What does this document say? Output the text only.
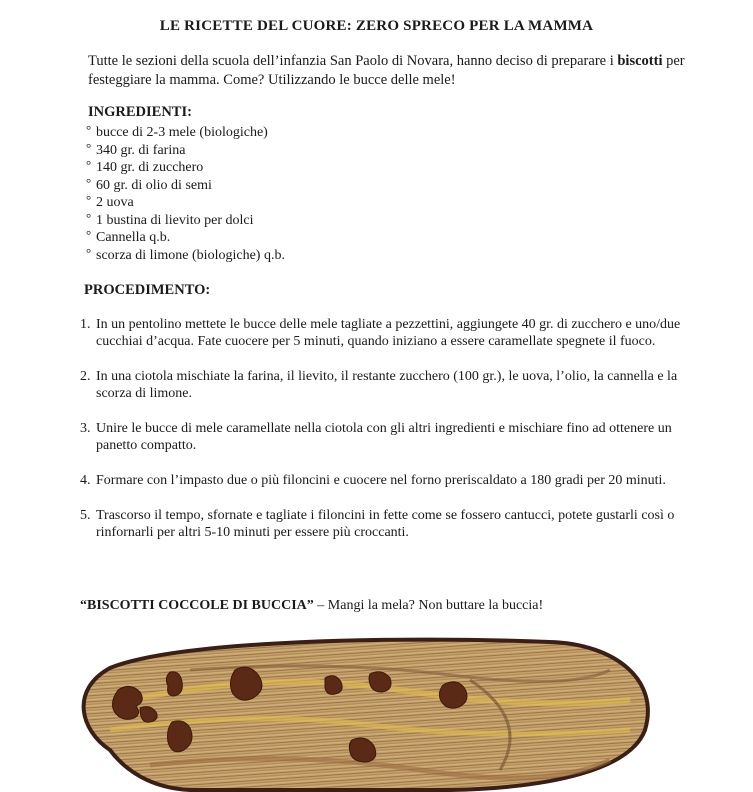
LE RICETTE DEL CUORE: ZERO SPRECO PER LA MAMMA
Tutte le sezioni della scuola dell’infanzia San Paolo di Novara, hanno deciso di preparare i biscotti per festeggiare la mamma. Come? Utilizzando le bucce delle mele!
INGREDIENTI:
° bucce di 2-3 mele (biologiche)
° 340 gr. di farina
° 140 gr. di zucchero
° 60 gr. di olio di semi
° 2 uova
° 1 bustina di lievito per dolci
° Cannella q.b.
° scorza di limone (biologiche) q.b.
PROCEDIMENTO:
1. In un pentolino mettete le bucce delle mele tagliate a pezzettini, aggiungete 40 gr. di zucchero e uno/due cucchiai d’acqua. Fate cuocere per 5 minuti, quando iniziano a essere caramellate spegnete il fuoco.
2. In una ciotola mischiate la farina, il lievito, il restante zucchero (100 gr.), le uova, l’olio, la cannella e la scorza di limone.
3. Unire le bucce di mele caramellate nella ciotola con gli altri ingredienti e mischiare fino ad ottenere un panetto compatto.
4. Formare con l’impasto due o più filoncini e cuocere nel forno preriscaldato a 180 gradi per 20 minuti.
5. Trascorso il tempo, sfornate e tagliate i filoncini in fette come se fossero cantucci, potete gustarli così o rinfornarli per altri 5-10 minuti per essere più croccanti.
“BISCOTTI COCCOLE DI BUCCIA” – Mangi la mela? Non buttare la buccia!
